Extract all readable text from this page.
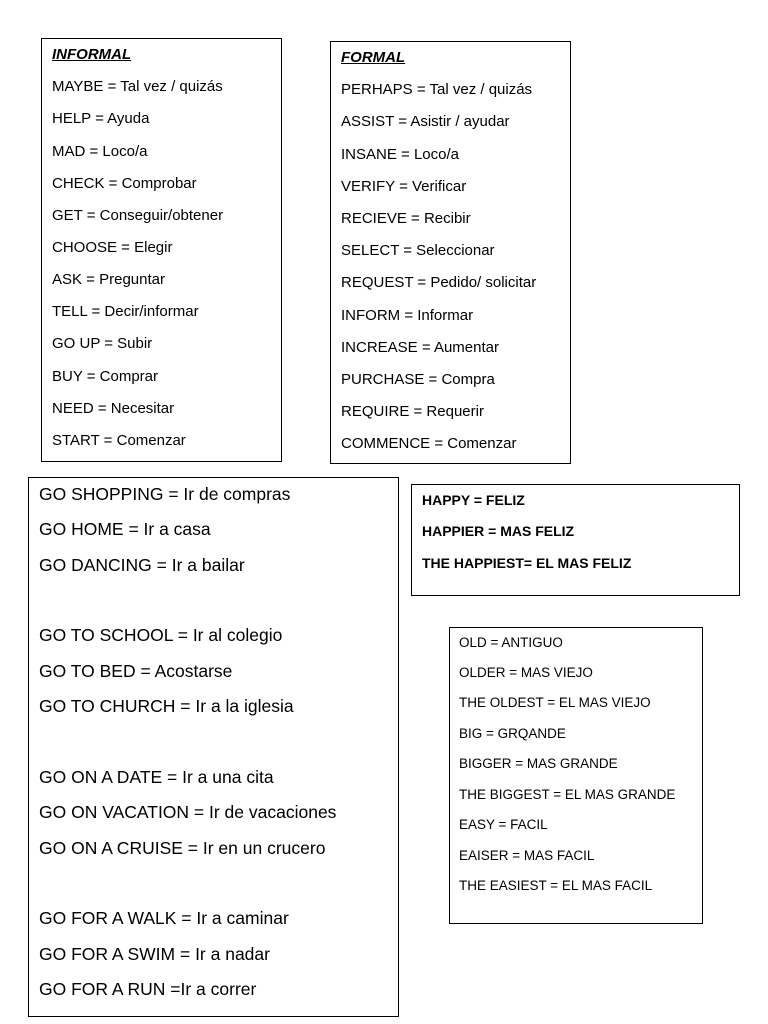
INFORMAL
MAYBE = Tal vez / quizás
HELP = Ayuda
MAD = Loco/a
CHECK = Comprobar
GET = Conseguir/obtener
CHOOSE = Elegir
ASK = Preguntar
TELL = Decir/informar
GO UP = Subir
BUY = Comprar
NEED = Necesitar
START = Comenzar
FORMAL
PERHAPS = Tal vez / quizás
ASSIST = Asistir / ayudar
INSANE = Loco/a
VERIFY = Verificar
RECIEVE = Recibir
SELECT = Seleccionar
REQUEST = Pedido/ solicitar
INFORM = Informar
INCREASE = Aumentar
PURCHASE = Compra
REQUIRE = Requerir
COMMENCE = Comenzar
GO SHOPPING = Ir de compras
GO HOME = Ir a casa
GO DANCING = Ir a bailar
GO TO SCHOOL = Ir al colegio
GO TO BED = Acostarse
GO TO CHURCH = Ir a la iglesia
GO ON A DATE = Ir a una cita
GO ON VACATION = Ir de vacaciones
GO ON A CRUISE = Ir en un crucero
GO FOR A WALK = Ir a caminar
GO FOR A SWIM = Ir a nadar
GO FOR A RUN =Ir a correr
HAPPY = FELIZ
HAPPIER = MAS FELIZ
THE HAPPIEST= EL MAS FELIZ
OLD = ANTIGUO
OLDER = MAS VIEJO
THE OLDEST = EL MAS VIEJO
BIG = GRQANDE
BIGGER = MAS GRANDE
THE BIGGEST = EL MAS GRANDE
EASY = FACIL
EAISER = MAS FACIL
THE EASIEST = EL MAS FACIL
